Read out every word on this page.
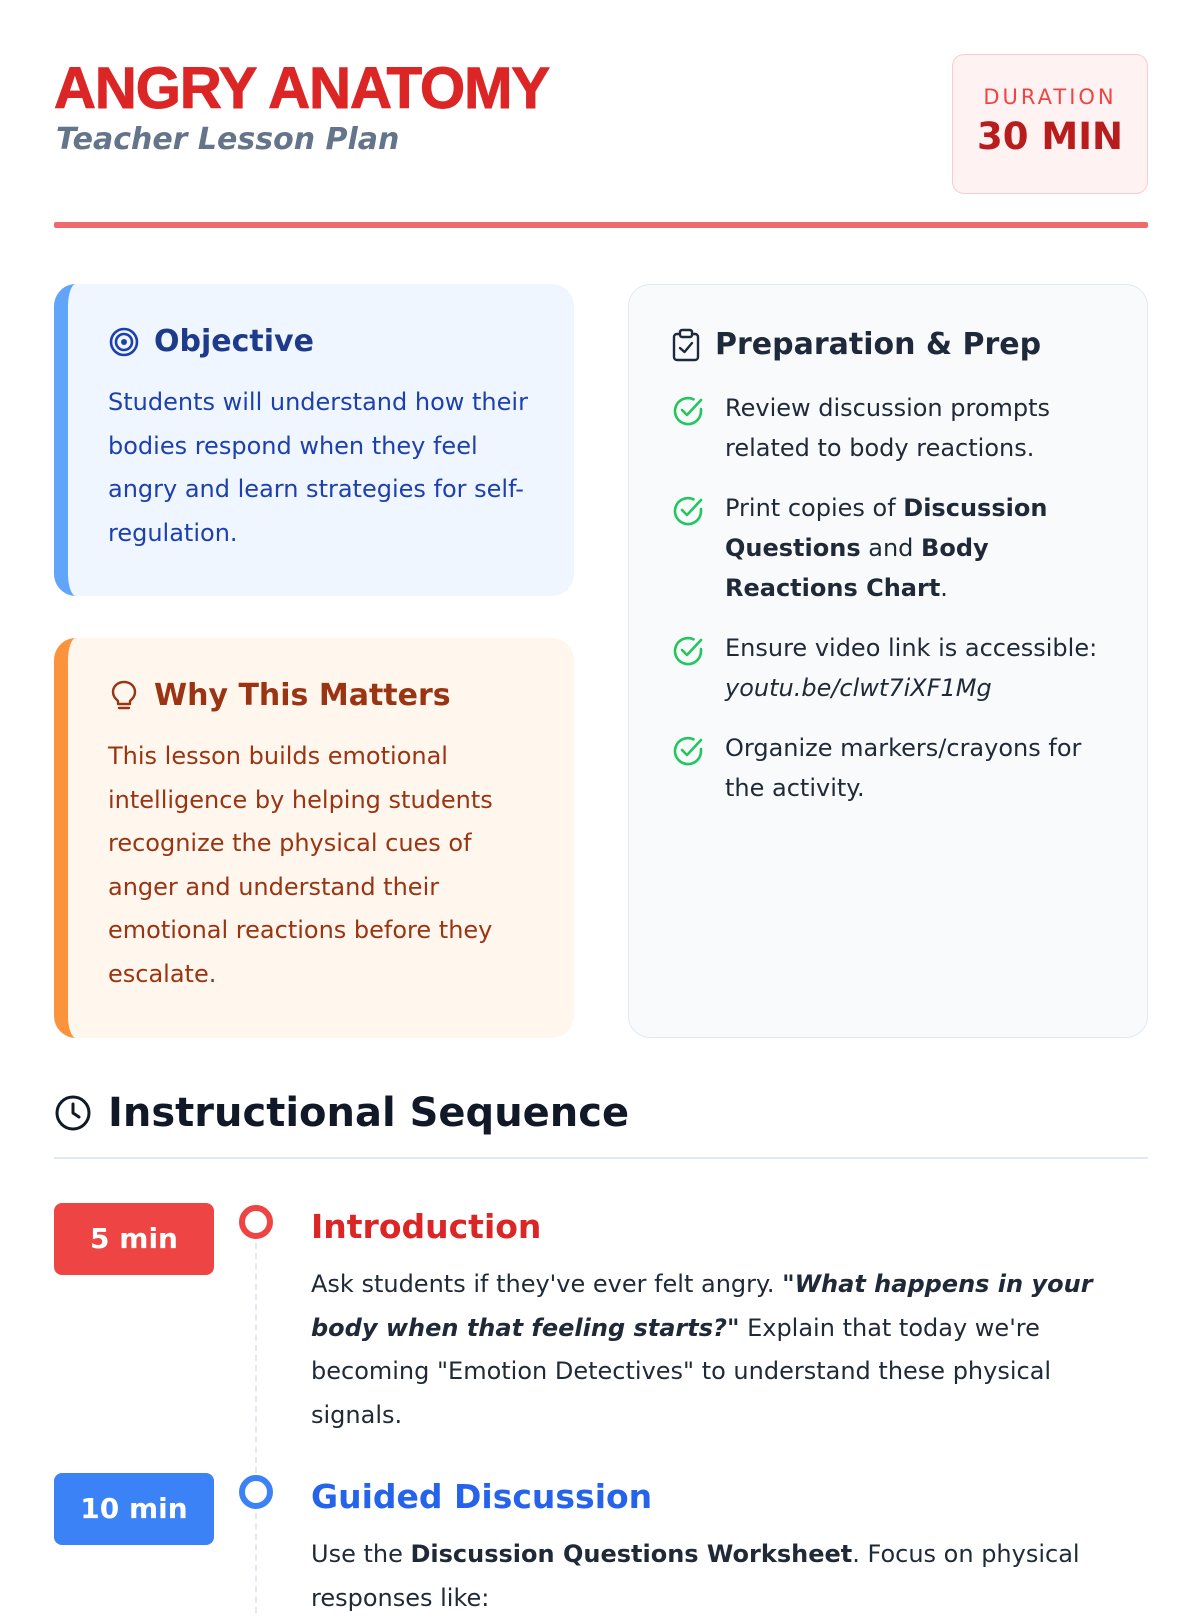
ANGRY ANATOMY
Teacher Lesson Plan
DURATION
30 MIN
Objective

Students will understand how their bodies respond when they feel angry and learn strategies for self-regulation.

Why This Matters

This lesson builds emotional intelligence by helping students recognize the physical cues of anger and understand their emotional reactions before they escalate.

Preparation & Prep
Review discussion prompts related to body reactions.
Print copies of Discussion Questions and Body Reactions Chart.
Ensure video link is accessible: youtu.be/clwt7iXF1Mg
Organize markers/crayons for the activity.
Instructional Sequence
5 min	Introduction

Ask students if they've ever felt angry. "What happens in your body when that feeling starts?" Explain that today we're becoming "Emotion Detectives" to understand these physical signals.

10 min	Guided Discussion

Use the Discussion Questions Worksheet. Focus on physical responses like:
